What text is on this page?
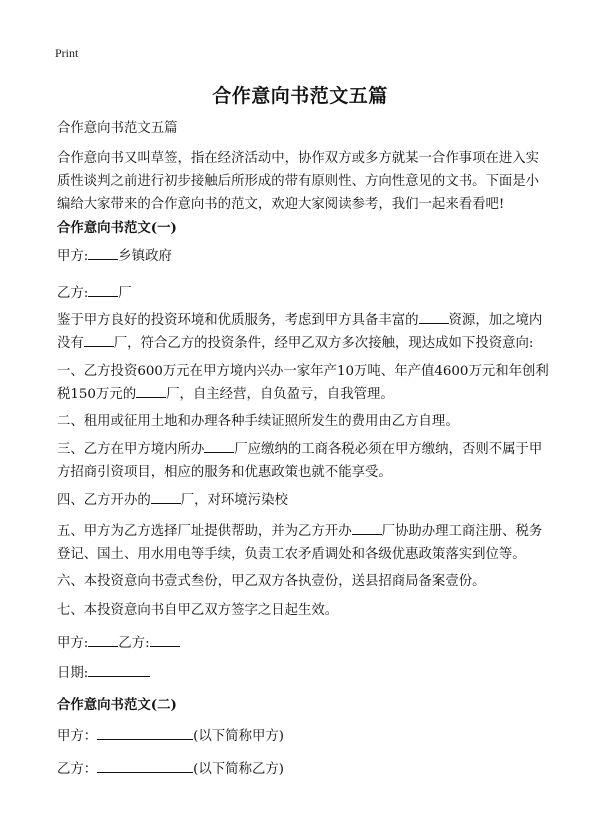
Print
合作意向书范文五篇

合作意向书范文五篇

合作意向书又叫草签，指在经济活动中，协作双方或多方就某一合作事项在进入实

质性谈判之前进行初步接触后所形成的带有原则性、方向性意见的文书。下面是小

编给大家带来的合作意向书的范文，欢迎大家阅读参考，我们一起来看看吧!

合作意向书范文(一)

甲方: 乡镇政府

乙方: 厂

鉴于甲方良好的投资环境和优质服务，考虑到甲方具备丰富的 资源，加之境内

没有 厂，符合乙方的投资条件，经甲乙双方多次接触，现达成如下投资意向:

一、乙方投资600万元在甲方境内兴办一家年产10万吨、年产值4600万元和年创利

税150万元的 厂，自主经营，自负盈亏，自我管理。

二、租用或征用土地和办理各种手续证照所发生的费用由乙方自理。

三、乙方在甲方境内所办 厂应缴纳的工商各税必须在甲方缴纳，否则不属于甲

方招商引资项目，相应的服务和优惠政策也就不能享受。

四、乙方开办的 厂，对环境污染校

五、甲方为乙方选择厂址提供帮助，并为乙方开办 厂协助办理工商注册、税务

登记、国土、用水用电等手续，负责工农矛盾调处和各级优惠政策落实到位等。

六、本投资意向书壹式叁份，甲乙双方各执壹份，送县招商局备案壹份。

七、本投资意向书自甲乙双方签字之日起生效。

甲方: 乙方:

日期:

合作意向书范文(二)

甲方：	(以下简称甲方)

乙方：	(以下简称乙方)
